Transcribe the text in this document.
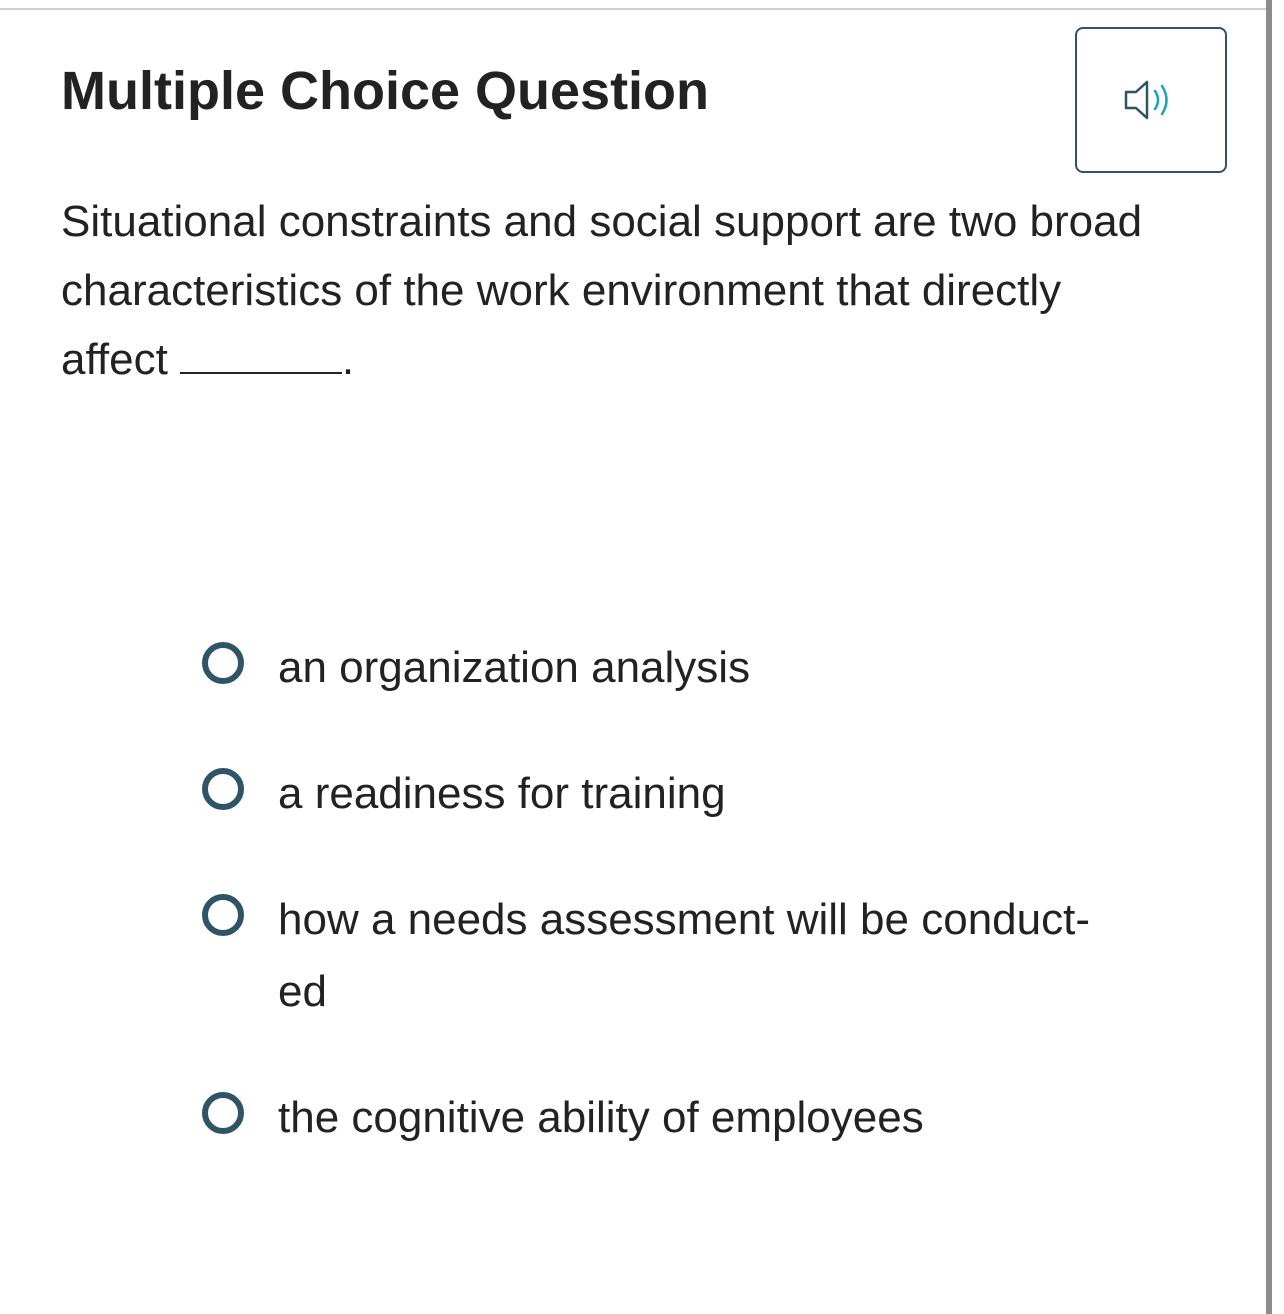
Multiple Choice Question

Situational constraints and social support are two broad characteristics of the work environment that directly affect	.

an organization analysis
a readiness for training
how a needs assessment will be conduct-
ed
the cognitive ability of employees
